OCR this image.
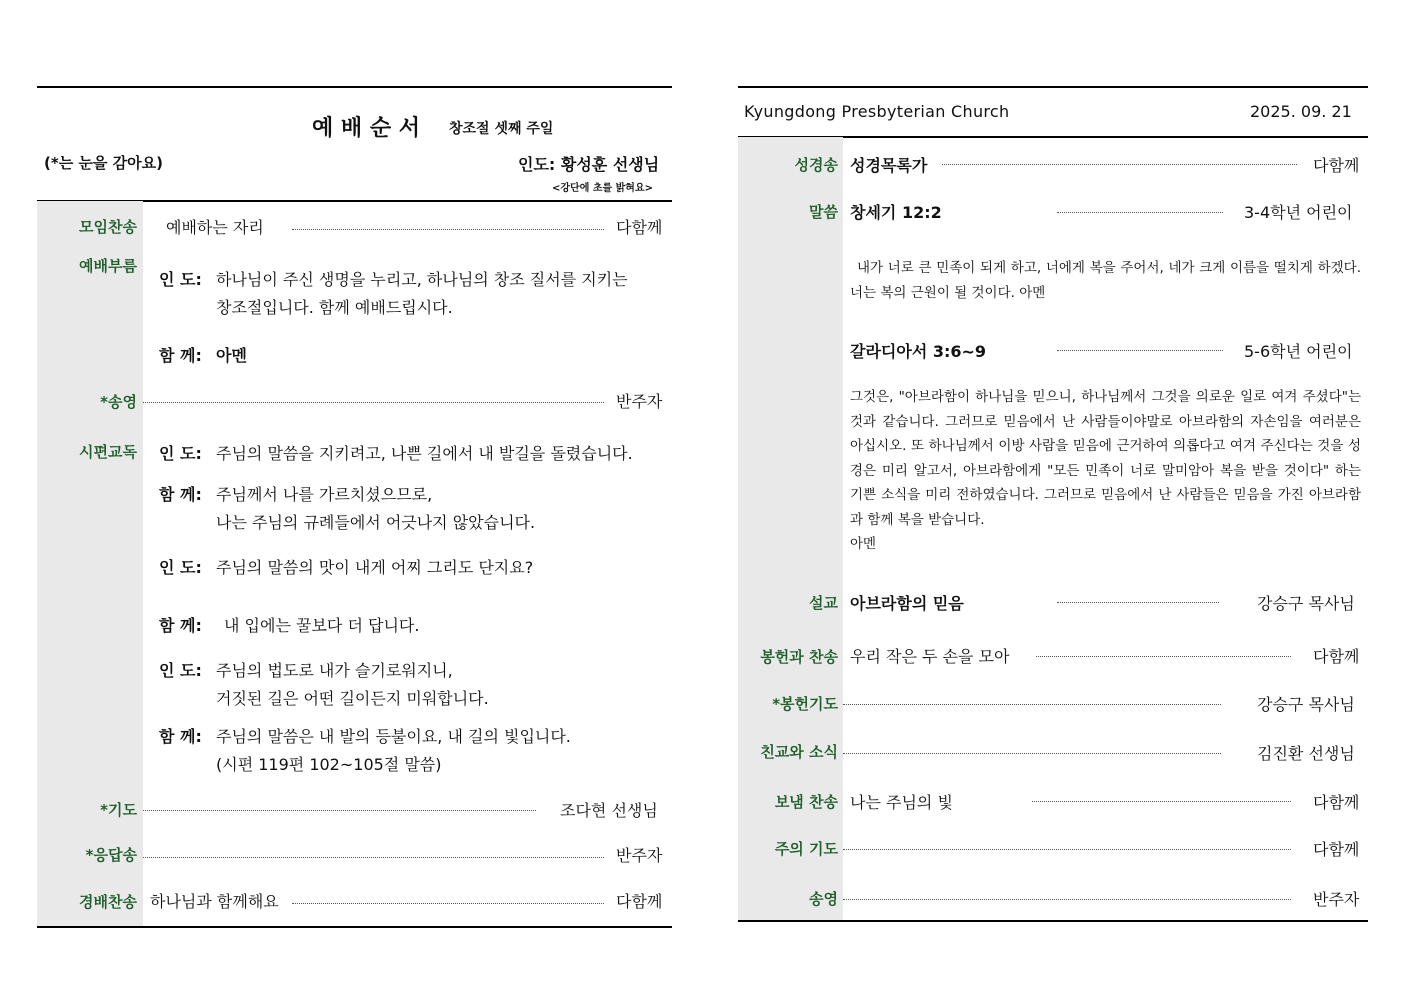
예 배 순 서 창조절 셋째 주일
(*는 눈을 감아요)	인도: 황성훈 선생님
<강단에 초를 밝혀요>
모임찬송 예배하는 자리	다함께
예배부름
인 도: 하나님이 주신 생명을 누리고, 하나님의 창조 질서를 지키는
창조절입니다. 함께 예배드립시다.
함 께: 아멘
*송영	반주자
시편교독 인 도: 주님의 말씀을 지키려고, 나쁜 길에서 내 발길을 돌렸습니다.
함 께: 주님께서 나를 가르치셨으므로,
나는 주님의 규례들에서 어긋나지 않았습니다.
인 도: 주님의 말씀의 맛이 내게 어찌 그리도 단지요?
함 께: 내 입에는 꿀보다 더 답니다.
인 도: 주님의 법도로 내가 슬기로워지니,
거짓된 길은 어떤 길이든지 미워합니다.
함 께: 주님의 말씀은 내 발의 등불이요, 내 길의 빛입니다.
(시편 119편 102~105절 말씀)
*기도	조다현 선생님
*응답송	반주자
경배찬송 하나님과 함께해요	다함께
Kyungdong Presbyterian Church	2025. 09. 21
성경송 성경목록가	다함께
말씀 창세기 12:2	3-4학년 어린이
내가 너로 큰 민족이 되게 하고, 너에게 복을 주어서, 네가 크게 이름을 떨치게 하겠다. 너는 복의 근원이 될 것이다. 아멘
갈라디아서 3:6~9	5-6학년 어린이
그것은, "아브라함이 하나님을 믿으니, 하나님께서 그것을 의로운 일로 여겨 주셨다"는 것과 같습니다. 그러므로 믿음에서 난 사람들이야말로 아브라함의 자손임을 여러분은 아십시오. 또 하나님께서 이방 사람을 믿음에 근거하여 의롭다고 여겨 주신다는 것을 성경은 미리 알고서, 아브라함에게 "모든 민족이 너로 말미암아 복을 받을 것이다" 하는 기쁜 소식을 미리 전하였습니다. 그러므로 믿음에서 난 사람들은 믿음을 가진 아브라함과 함께 복을 받습니다.
아멘
설교 아브라함의 믿음	강승구 목사님
봉헌과 찬송 우리 작은 두 손을 모아	다함께
*봉헌기도	강승구 목사님
친교와 소식	김진환 선생님
보냄 찬송 나는 주님의 빛	다함께
주의 기도	다함께
송영	반주자
